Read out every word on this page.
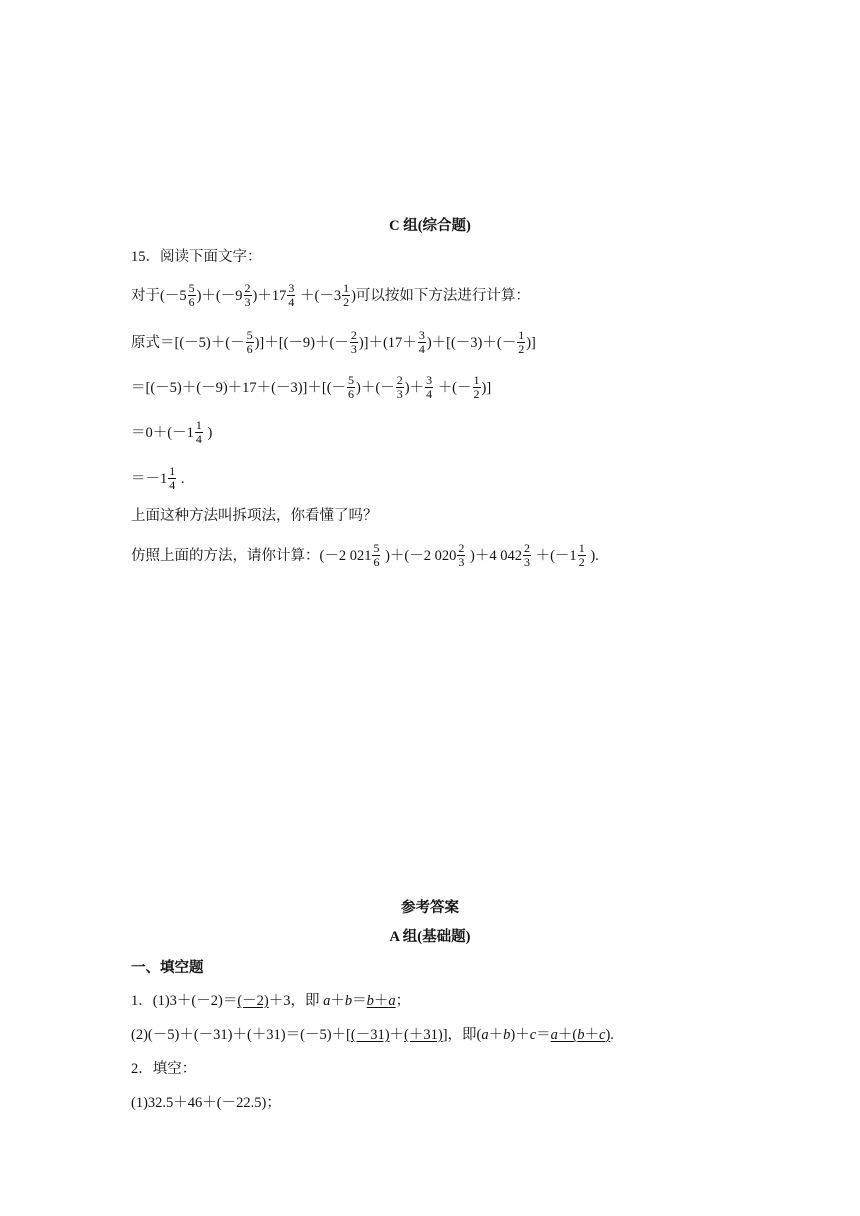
C 组(综合题)
15．阅读下面文字：
对于$(-5 \frac{5}{6} )+(-9 \frac{2}{3} )+17 \frac{3}{4} +(-3 \frac{1}{2}$ )可以按如下方法进行计算：
原式$=[(-5)+(- \frac{5}{6} )]+[(-9)+(- \frac{2}{3} )]+(17+ \frac{3}{4} )+[(-3)+(- \frac{1}{2}$ )]
$=[(-5)+(-9)+17+(-3)]+[(- \frac{5}{6}$ )＋(－ $\frac{2}{3}$ )＋ $\frac{3}{4}$ ＋(－ $\frac{1}{2}$ )]
$=0+(-1 \frac{1}{4}$ )
$=-1 \frac{1}{4}$ .
上面这种方法叫拆项法，你看懂了吗？
仿照上面的方法，请你计算：(－2 $021 \frac{5}{6} )+(-2$ $020 \frac{2}{3} )+4$ $042 \frac{2}{3} +(-1 \frac{1}{2}$ ).
参考答案
A 组(基础题)
一、填空题
1．(1)3＋(－2)＝(－2)＋3，即 a＋b＝b＋a；
(2)(－5)＋(－31)＋(＋31)＝(－5)＋[(－31)＋(＋31)]，即(a＋b)＋c＝a＋(b＋c).
2．填空：
(1)32.5＋46＋(－22.5)；
